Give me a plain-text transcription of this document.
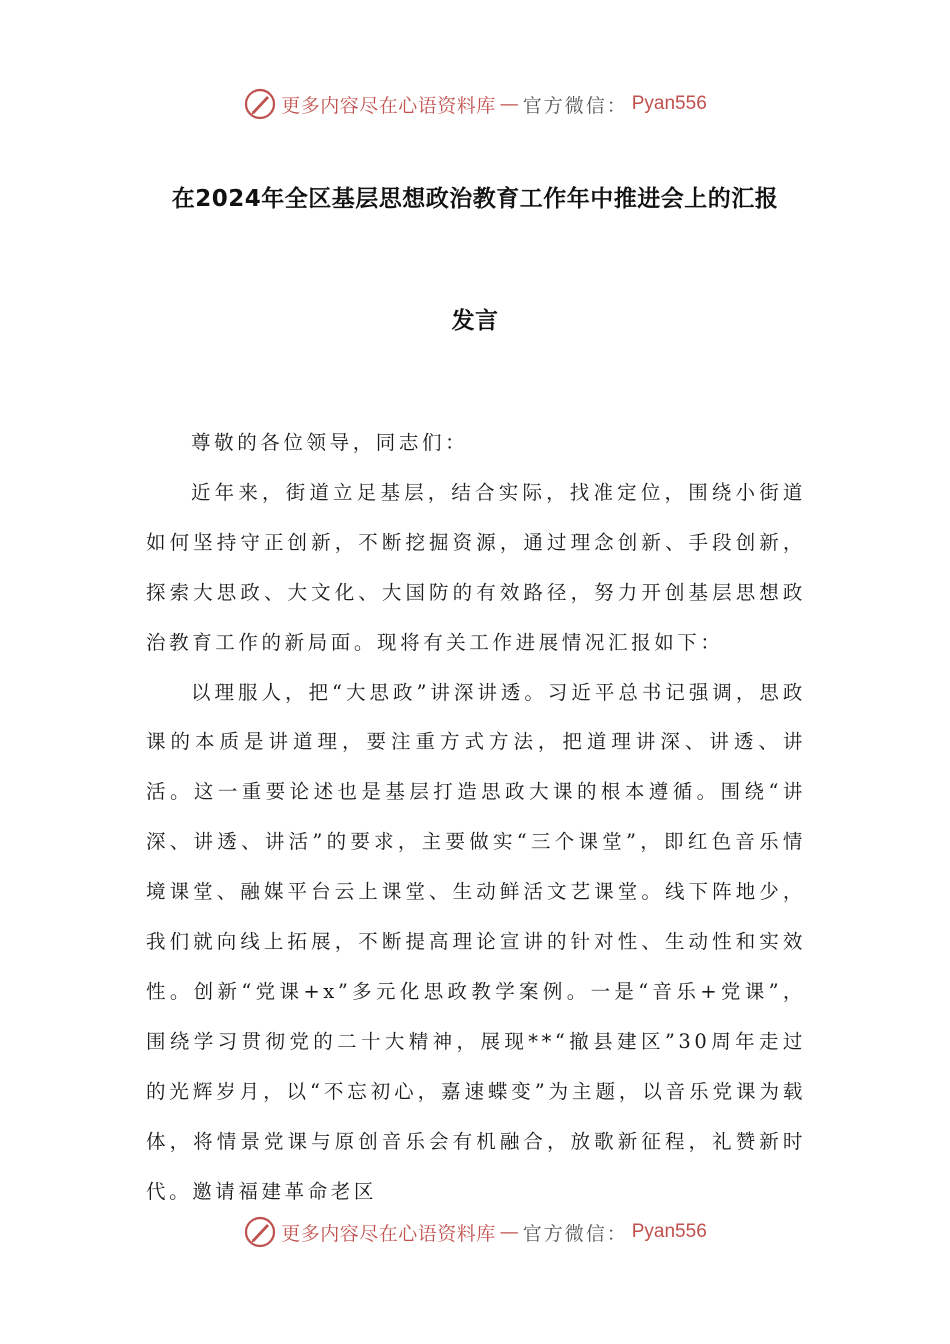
更多内容尽在心语资料库 — 官方微信： Pyan556
在2024年全区基层思想政治教育工作年中推进会上的汇报
发言

尊敬的各位领导，同志们：

近年来，街道立足基层，结合实际，找准定位，围绕小街道如何坚持守正创新，不断挖掘资源，通过理念创新、手段创新，探索大思政、大文化、大国防的有效路径，努力开创基层思想政治教育工作的新局面。现将有关工作进展情况汇报如下：

以理服人，把“大思政”讲深讲透。习近平总书记强调，思政课的本质是讲道理，要注重方式方法，把道理讲深、讲透、讲活。这一重要论述也是基层打造思政大课的根本遵循。围绕“讲深、讲透、讲活”的要求，主要做实“三个课堂”，即红色音乐情境课堂、融媒平台云上课堂、生动鲜活文艺课堂。线下阵地少，我们就向线上拓展，不断提高理论宣讲的针对性、生动性和实效性。创新“党课+x”多元化思政教学案例。一是“音乐+党课”，围绕学习贯彻党的二十大精神，展现**“撤县建区”30周年走过的光辉岁月，以“不忘初心，嘉速蝶变”为主题，以音乐党课为载体，将情景党课与原创音乐会有机融合，放歌新征程，礼赞新时代。邀请福建革命老区

更多内容尽在心语资料库 — 官方微信： Pyan556
